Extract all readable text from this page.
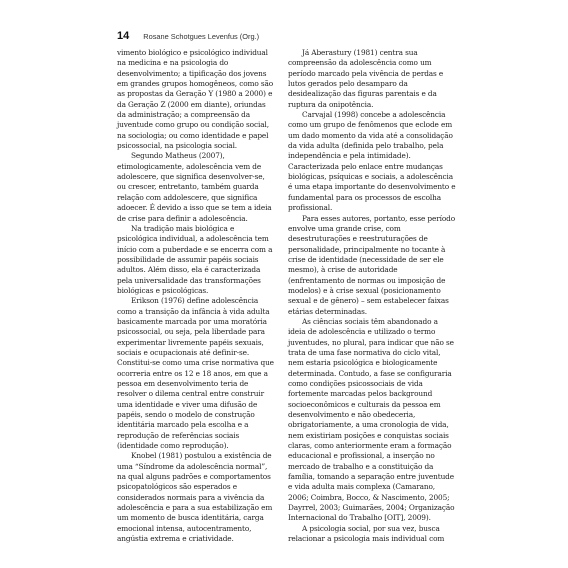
14 Rosane Schotgues Levenfus (Org.)

vimento biológico e psicológico individual na medicina e na psicologia do desenvolvimento; a tipificação dos jovens em grandes grupos homogêneos, como são as propostas da Geração Y (1980 a 2000) e da Geração Z (2000 em diante), oriundas da administração; a compreensão da juventude como grupo ou condição social, na sociologia; ou como identidade e papel psicossocial, na psicologia social.

Segundo Matheus (2007), etimologicamente, adolescência vem de adolescere, que significa desenvolver-se, ou crescer, entretanto, também guarda relação com addolescere, que significa adoecer. É devido a isso que se tem a ideia de crise para definir a adolescência.

Na tradição mais biológica e psicológica individual, a adolescência tem início com a puberdade e se encerra com a possibilidade de assumir papéis sociais adultos. Além disso, ela é caracterizada pela universalidade das transformações biológicas e psicológicas.

Erikson (1976) define adolescência como a transição da infância à vida adulta basicamente marcada por uma moratória psicossocial, ou seja, pela liberdade para experimentar livremente papéis sexuais, sociais e ocupacionais até definir-se. Constitui-se como uma crise normativa que ocorreria entre os 12 e 18 anos, em que a pessoa em desenvolvimento teria de resolver o dilema central entre construir uma identidade e viver uma difusão de papéis, sendo o modelo de construção identitária marcado pela escolha e a reprodução de referências sociais (identidade como reprodução).

Knobel (1981) postulou a existência de uma “Síndrome da adolescência normal”, na qual alguns padrões e comportamentos psicopatológicos são esperados e considerados normais para a vivência da adolescência e para a sua estabilização em um momento de busca identitária, carga emocional intensa, autocentramento, angústia extrema e criatividade.

Já Aberastury (1981) centra sua compreensão da adolescência como um período marcado pela vivência de perdas e lutos gerados pelo desamparo da desidealização das figuras parentais e da ruptura da onipotência.

Carvajal (1998) concebe a adolescência como um grupo de fenômenos que eclode em um dado momento da vida até a consolidação da vida adulta (definida pelo trabalho, pela independência e pela intimidade). Caracterizada pelo enlace entre mudanças biológicas, psíquicas e sociais, a adolescência é uma etapa importante do desenvolvimento e fundamental para os processos de escolha profissional.

Para esses autores, portanto, esse período envolve uma grande crise, com desestruturações e reestruturações de personalidade, principalmente no tocante à crise de identidade (necessidade de ser ele mesmo), à crise de autoridade (enfrentamento de normas ou imposição de modelos) e à crise sexual (posicionamento sexual e de gênero) – sem estabelecer faixas etárias determinadas.

As ciências sociais têm abandonado a ideia de adolescência e utilizado o termo juventudes, no plural, para indicar que não se trata de uma fase normativa do ciclo vital, nem estaria psicológica e biologicamente determinada. Contudo, a fase se configuraria como condições psicossociais de vida fortemente marcadas pelos background socioeconômicos e culturais da pessoa em desenvolvimento e não obedeceria, obrigatoriamente, a uma cronologia de vida, nem existiriam posições e conquistas sociais claras, como anteriormente eram a formação educacional e profissional, a inserção no mercado de trabalho e a constituição da família, tomando a separação entre juventude e vida adulta mais complexa (Camarano, 2006; Coimbra, Bocco, & Nascimento, 2005; Dayrrel, 2003; Guimarães, 2004; Organização Internacional do Trabalho [OIT], 2009).

A psicologia social, por sua vez, busca relacionar a psicologia mais individual com
